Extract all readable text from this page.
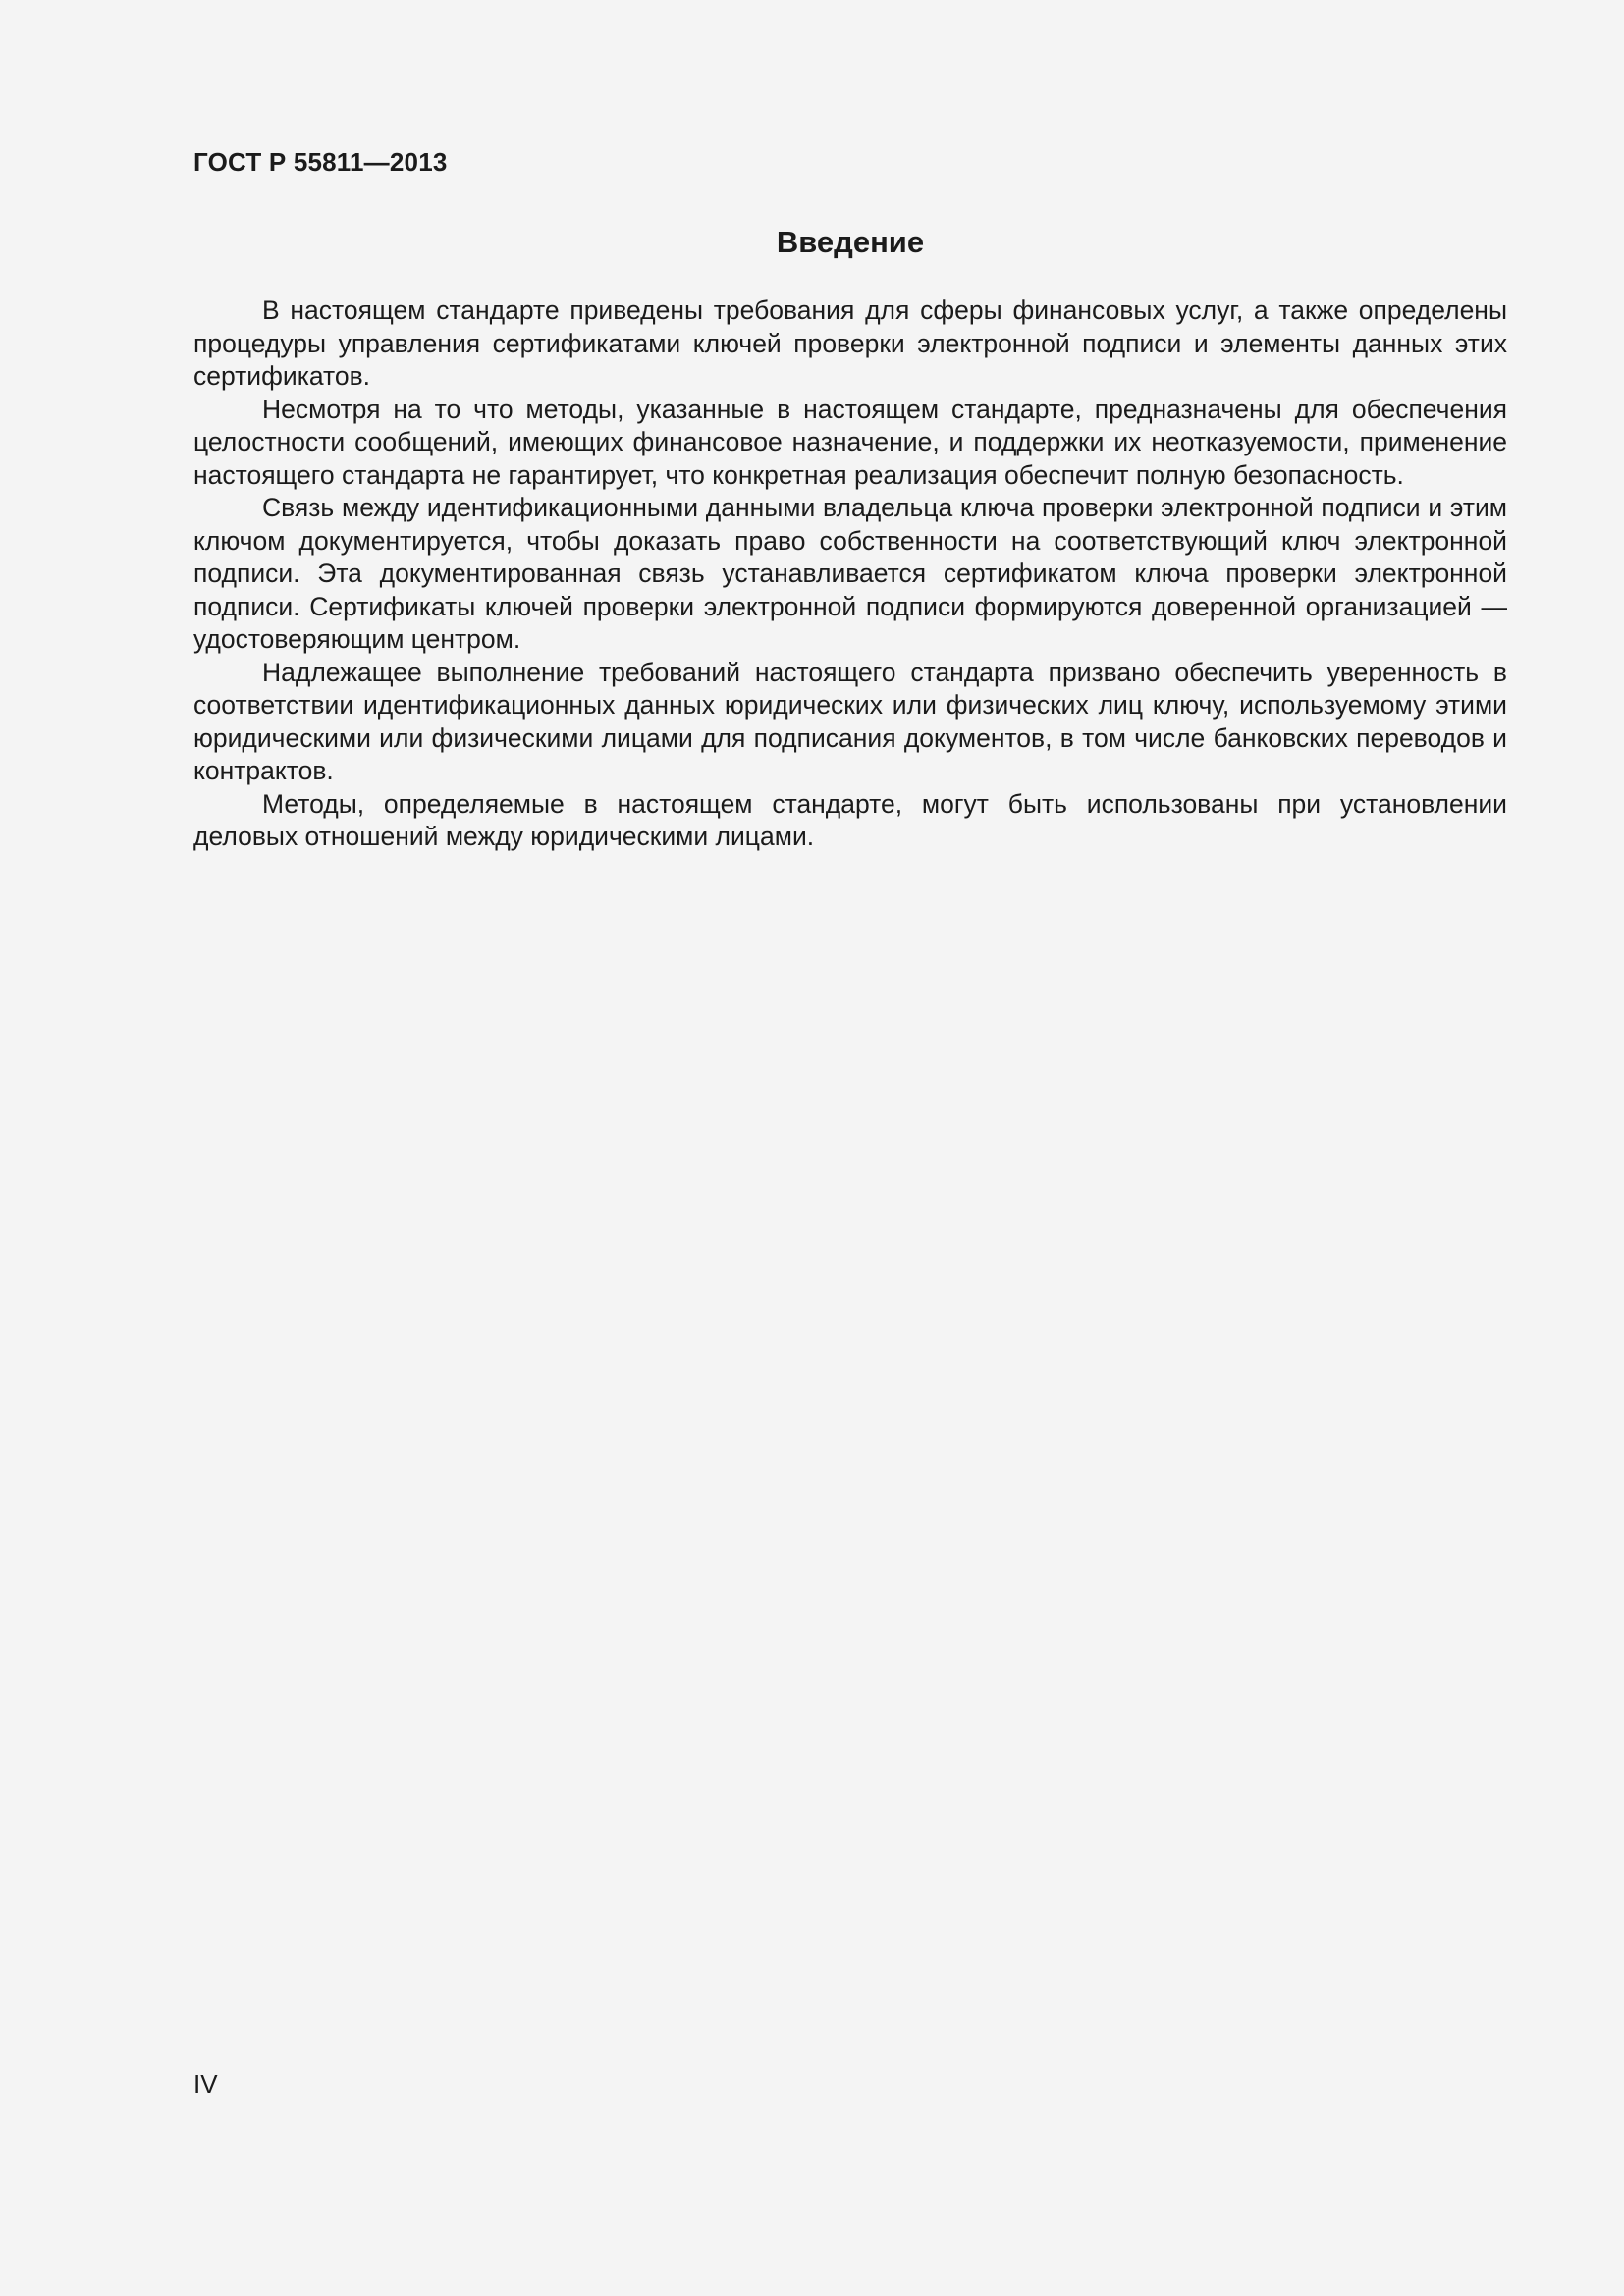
ГОСТ Р 55811—2013
Введение

В настоящем стандарте приведены требования для сферы финансовых услуг, а также определены процедуры управления сертификатами ключей проверки электронной подписи и элементы данных этих сертификатов.

Несмотря на то что методы, указанные в настоящем стандарте, предназначены для обеспечения целостности сообщений, имеющих финансовое назначение, и поддержки их неотказуемости, применение настоящего стандарта не гарантирует, что конкретная реализация обеспечит полную безопасность.

Связь между идентификационными данными владельца ключа проверки электронной подписи и этим ключом документируется, чтобы доказать право собственности на соответствующий ключ электронной подписи. Эта документированная связь устанавливается сертификатом ключа проверки электронной подписи. Сертификаты ключей проверки электронной подписи формируются доверенной организацией — удостоверяющим центром.

Надлежащее выполнение требований настоящего стандарта призвано обеспечить уверенность в соответствии идентификационных данных юридических или физических лиц ключу, используемому этими юридическими или физическими лицами для подписания документов, в том числе банковских переводов и контрактов.

Методы, определяемые в настоящем стандарте, могут быть использованы при установлении деловых отношений между юридическими лицами.

IV
